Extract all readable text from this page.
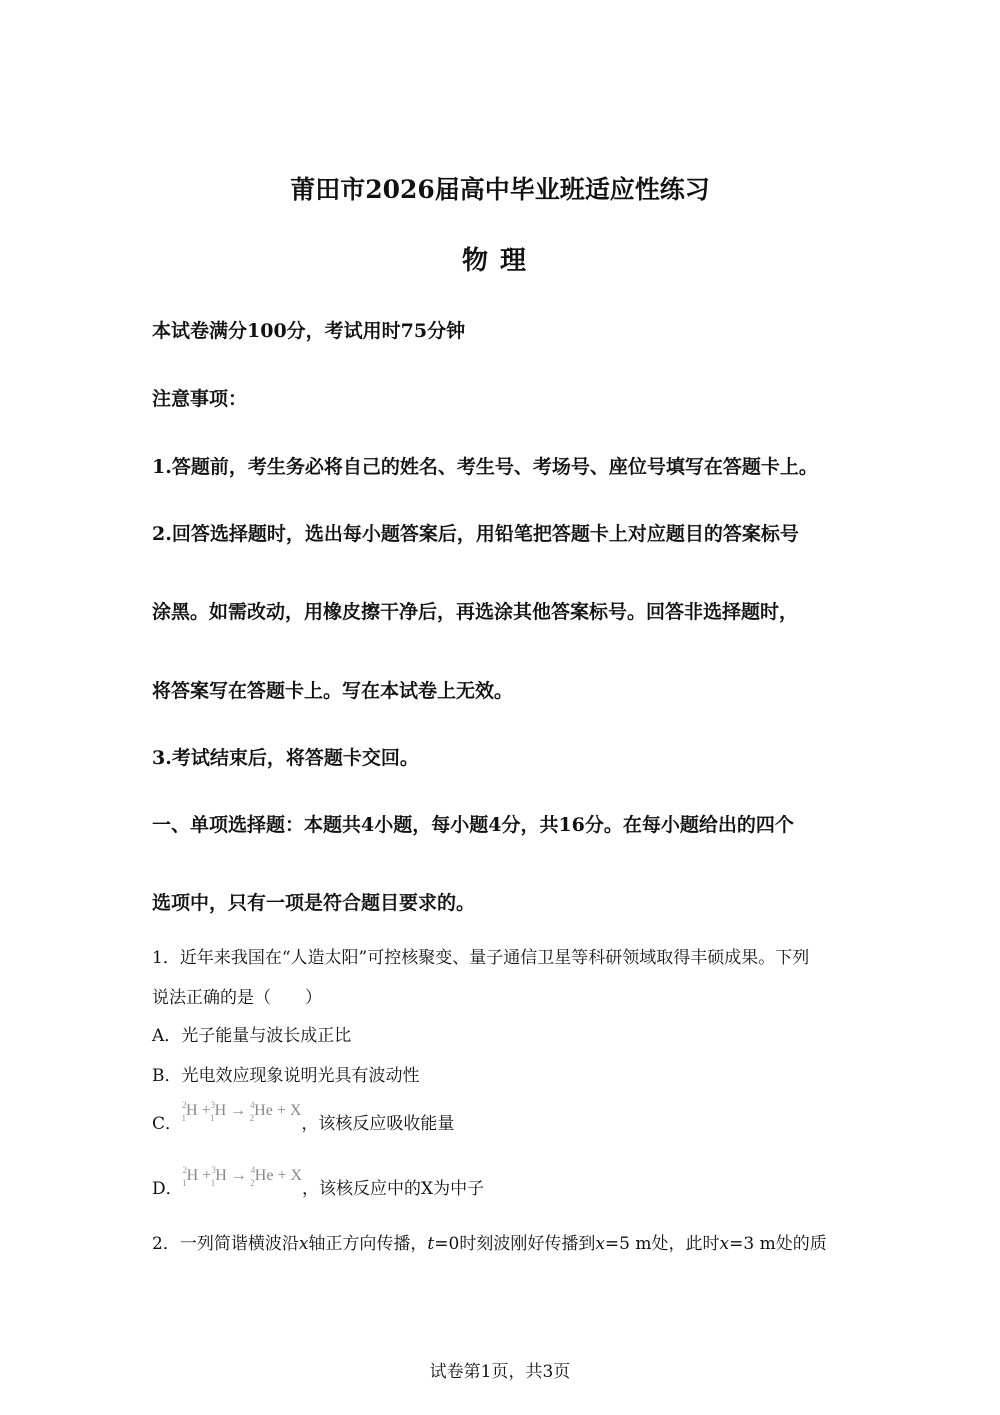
莆田市2026届高中毕业班适应性练习
物理
本试卷满分100分，考试用时75分钟
注意事项：
1.答题前，考生务必将自己的姓名、考生号、考场号、座位号填写在答题卡上。
2.回答选择题时，选出每小题答案后，用铅笔把答题卡上对应题目的答案标号
涂黑。如需改动，用橡皮擦干净后，再选涂其他答案标号。回答非选择题时，
将答案写在答题卡上。写在本试卷上无效。
3.考试结束后，将答题卡交回。
一、单项选择题：本题共4小题，每小题4分，共16分。在每小题给出的四个
选项中，只有一项是符合题目要求的。
1．近年来我国在“人造太阳”可控核聚变、量子通信卫星等科研领域取得丰硕成果。下列
说法正确的是（　　）
A．光子能量与波长成正比
B．光电效应现象说明光具有波动性
C．$^2_1$H +$^3_1$H → $^4_2$He + X，该核反应吸收能量
D．$^2_1$H +$^3_1$H → $^4_2$He + X，该核反应中的X为中子
2．一列简谐横波沿x轴正方向传播，t=0时刻波刚好传播到x=5 m处，此时x=3 m处的质
试卷第1页，共3页
